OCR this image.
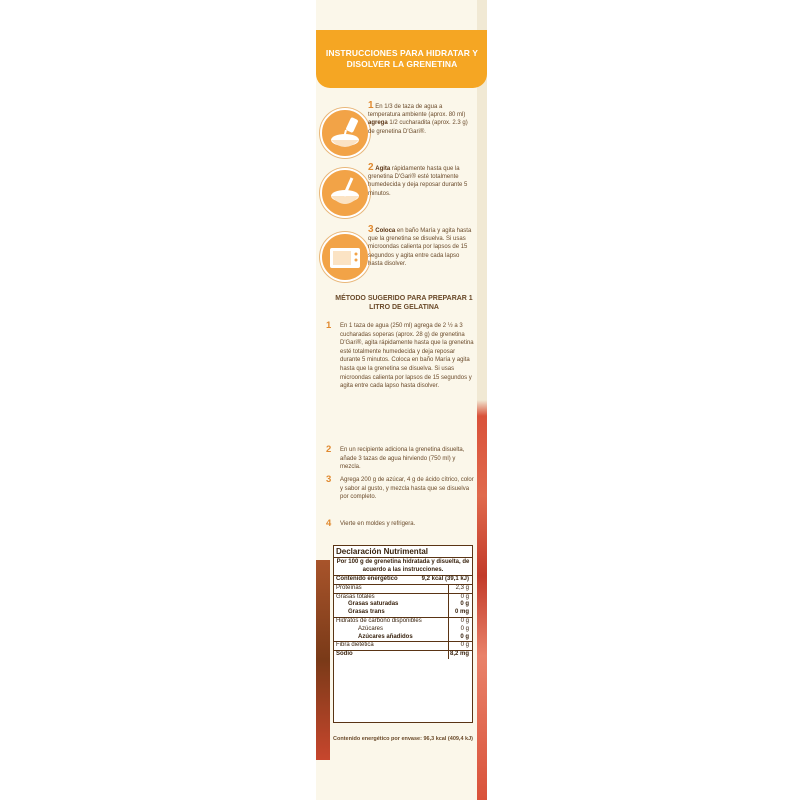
INSTRUCCIONES PARA HIDRATAR Y DISOLVER LA GRENETINA
1 En 1/3 de taza de agua a temperatura ambiente (aprox. 80 ml) agrega 1/2 cucharadita (aprox. 2.3 g) de grenetina D'Gari®.
2 Agita rápidamente hasta que la grenetina D'Gari® esté totalmente humedecida y deja reposar durante 5 minutos.
3 Coloca en baño María y agita hasta que la grenetina se disuelva. Si usas microondas calienta por lapsos de 15 segundos y agita entre cada lapso hasta disolver.
MÉTODO SUGERIDO PARA PREPARAR 1 LITRO DE GELATINA
1 En 1 taza de agua (250 ml) agrega de 2 ½ a 3 cucharadas soperas (aprox. 28 g) de grenetina D'Gari®, agita rápidamente hasta que la grenetina esté totalmente humedecida y deja reposar durante 5 minutos. Coloca en baño María y agita hasta que la grenetina se disuelva. Si usas microondas calienta por lapsos de 15 segundos y agita entre cada lapso hasta disolver.
2 En un recipiente adiciona la grenetina disuelta, añade 3 tazas de agua hirviendo (750 ml) y mezcla.
3 Agrega 200 g de azúcar, 4 g de ácido cítrico, color y sabor al gusto, y mezcla hasta que se disuelva por completo.
4 Vierte en moldes y refrigera.
Declaración Nutrimental
Por 100 g de grenetina hidratada y disuelta, de acuerdo a las instrucciones.
Contenido energético	9,2 kcal (39,1 kJ)
Proteínas	2,3 g
Grasas totales	0 g
Grasas saturadas	0 g
Grasas trans	0 mg
Hidratos de carbono disponibles	0 g
Azúcares	0 g
Azúcares añadidos	0 g
Fibra dietética	0 g
Sodio	8,2 mg
Contenido energético por envase: 96,3 kcal (409,4 kJ)
